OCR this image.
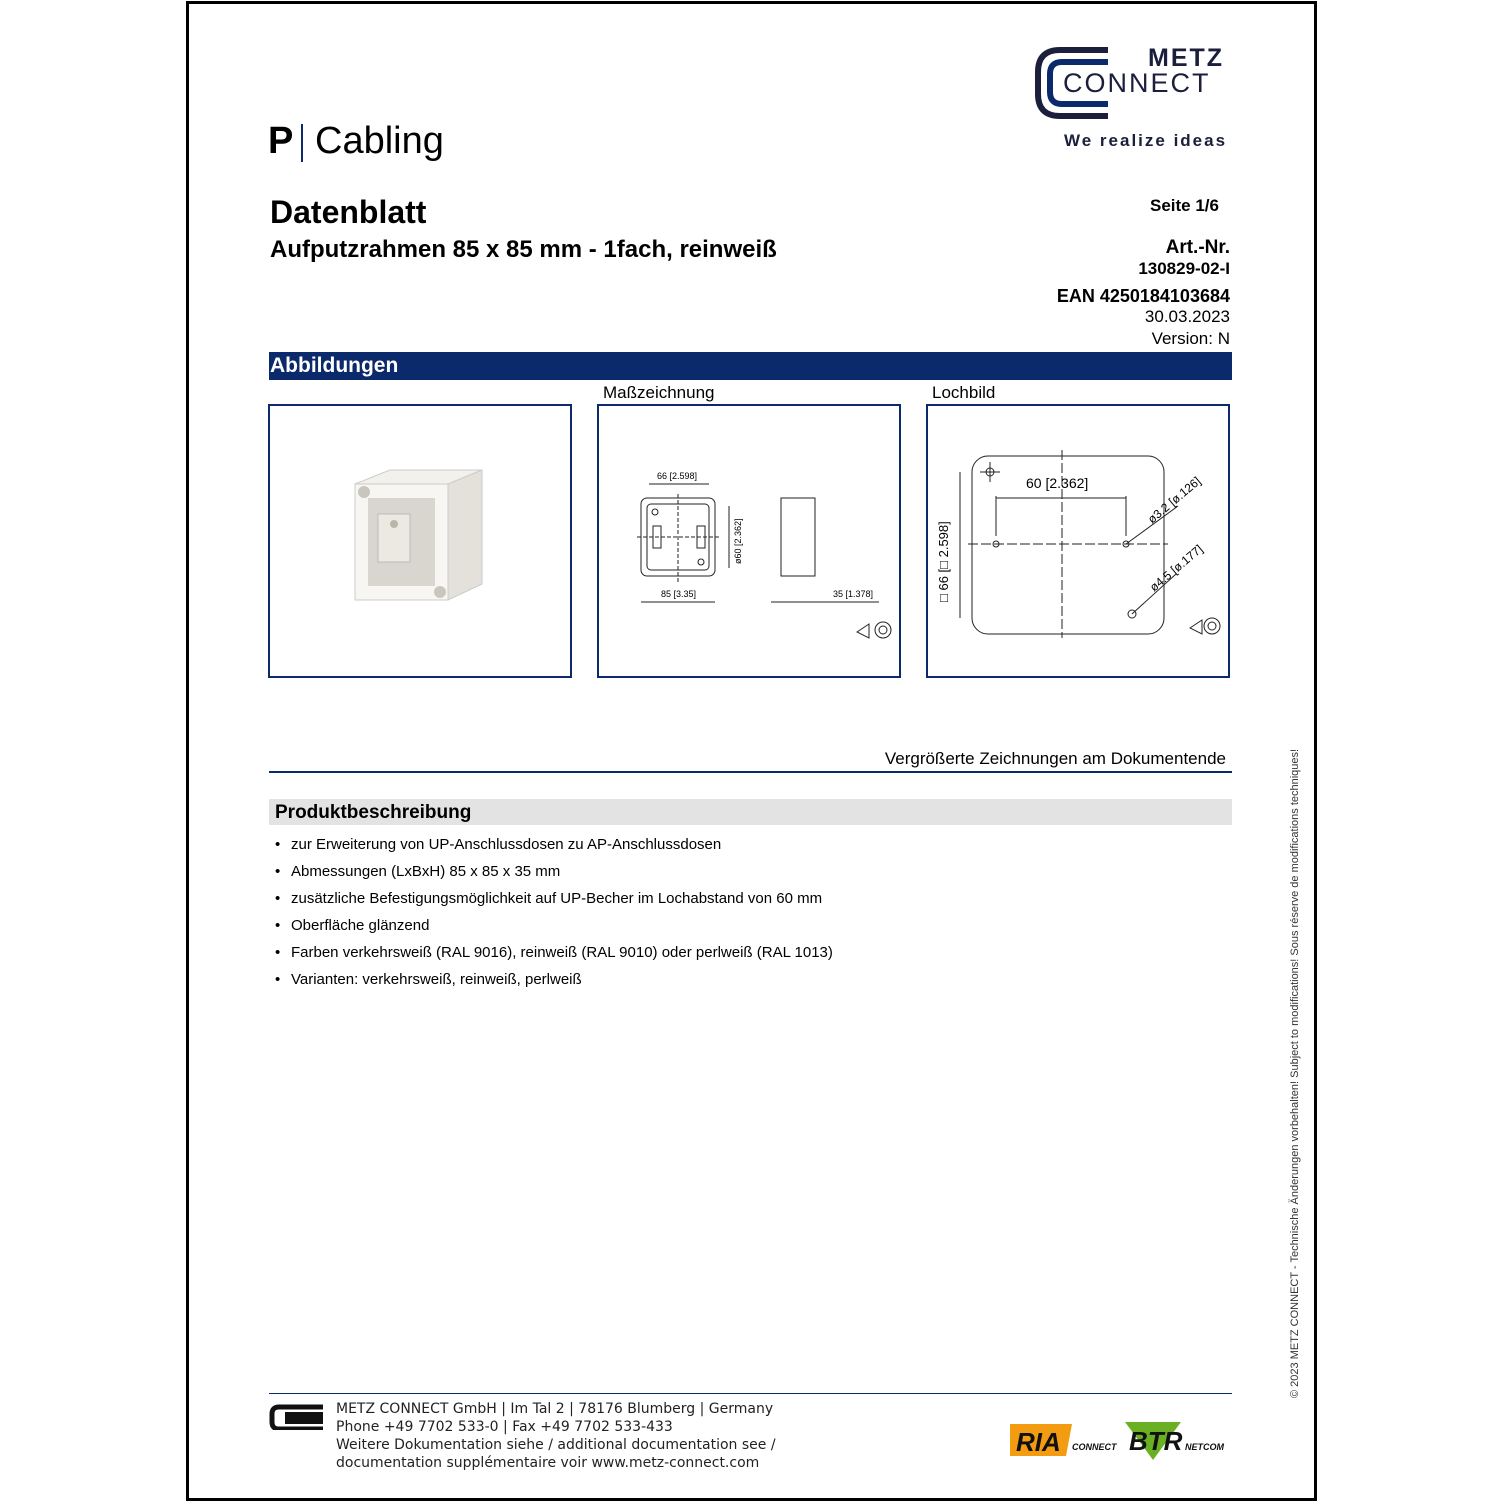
METZ
CONNECT
We realize ideas
P Cabling
Datenblatt
Aufputzrahmen 85 x 85 mm - 1fach, reinweiß
Seite 1/6
Art.-Nr.
130829-02-I
EAN 4250184103684
30.03.2023
Version: N
Abbildungen
Maßzeichnung	Lochbild
66 [2.598]
85 [3.35]
ø60 [2.362]
35 [1.378]
60 [2.362]
□ 66 [□ 2.598]
ø3.2 [ø.126]
ø4.5 [ø.177]
Vergrößerte Zeichnungen am Dokumentende
Produktbeschreibung
• zur Erweiterung von UP-Anschlussdosen zu AP-Anschlussdosen
• Abmessungen (LxBxH) 85 x 85 x 35 mm
• zusätzliche Befestigungsmöglichkeit auf UP-Becher im Lochabstand von 60 mm
• Oberfläche glänzend
• Farben verkehrsweiß (RAL 9016), reinweiß (RAL 9010) oder perlweiß (RAL 1013)
• Varianten: verkehrsweiß, reinweiß, perlweiß	© 2023 METZ CONNECT - Technische Änderungen vorbehalten! Subject to modifications! Sous réserve de modifications techniques!
METZ CONNECT GmbH | Im Tal 2 | 78176 Blumberg | Germany
Phone +49 7702 533-0 | Fax +49 7702 533-433
Weitere Dokumentation siehe / additional documentation see /
documentation supplémentaire voir www.metz-connect.com
RIA CONNECT BTR NETCOM
